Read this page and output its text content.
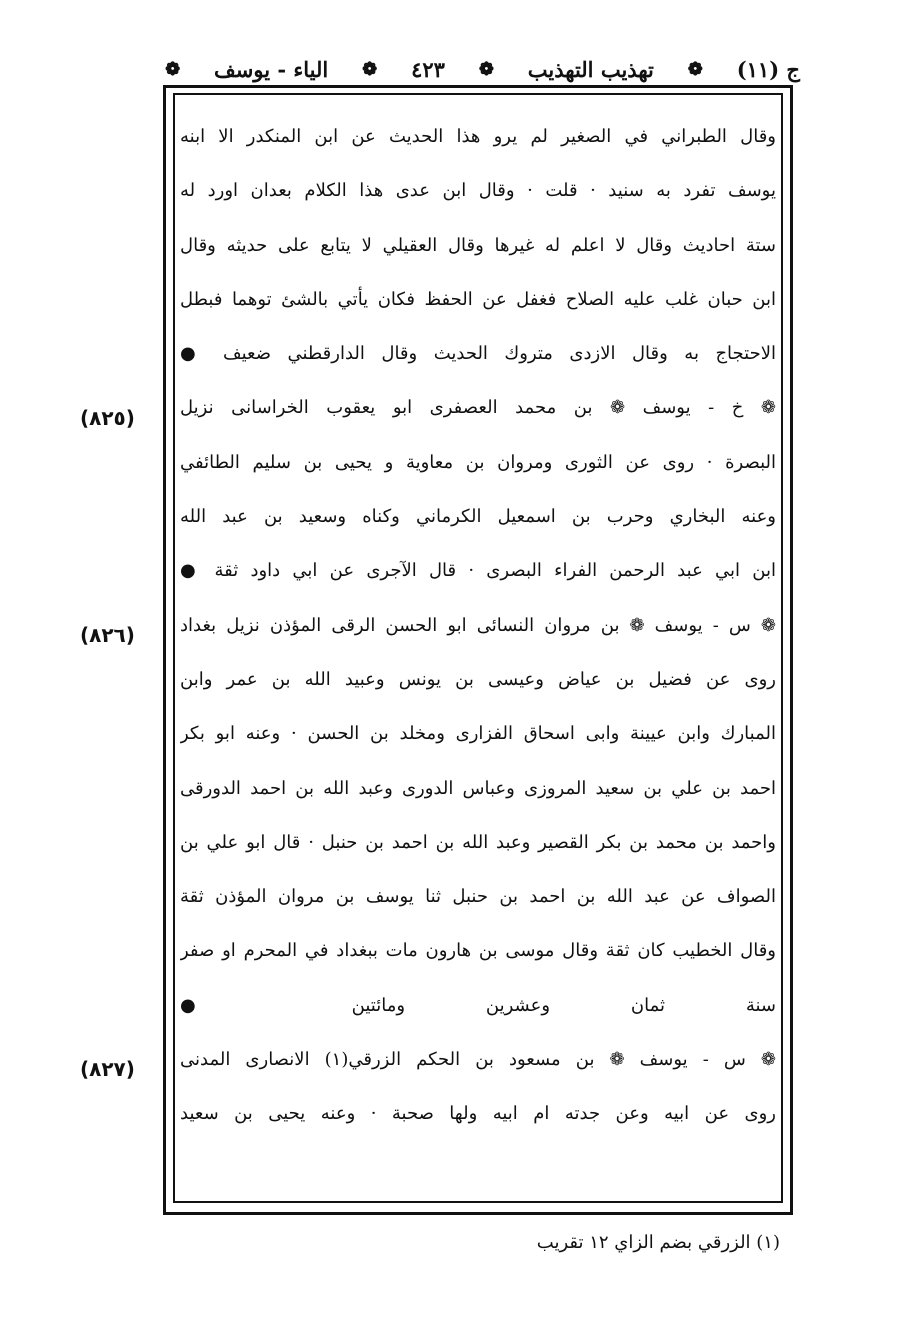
ج (١١)
❁
تهذيب التهذيب
❁
٤٢٣
❁
الياء - يوسف
❁
وقال الطبراني في الصغير لم يرو هذا الحديث عن ابن المنكدر الا ابنه
يوسف تفرد به سنيد · قلت · وقال ابن عدى هذا الكلام بعدان اورد له
ستة احاديث وقال لا اعلم له غيرها وقال العقيلي لا يتابع على حديثه وقال
ابن حبان غلب عليه الصلاح فغفل عن الحفظ فكان يأتي بالشئ توهما فبطل
الاحتجاج به وقال الازدى متروك الحديث وقال الدارقطني ضعيف ●
❁ خ - يوسف ❁ بن محمد العصفرى ابو يعقوب الخراسانى نزيل
البصرة · روى عن الثورى ومروان بن معاوية و يحيى بن سليم الطائفي
وعنه البخاري وحرب بن اسمعيل الكرماني وكناه وسعيد بن عبد الله
ابن ابي عبد الرحمن الفراء البصرى · قال الآجرى عن ابي داود ثقة ●
❁ س - يوسف ❁ بن مروان النسائى ابو الحسن الرقى المؤذن نزيل بغداد
روى عن فضيل بن عياض وعيسى بن يونس وعبيد الله بن عمر وابن
المبارك وابن عيينة وابى اسحاق الفزارى ومخلد بن الحسن · وعنه ابو بكر
احمد بن علي بن سعيد المروزى وعباس الدورى وعبد الله بن احمد الدورقى
واحمد بن محمد بن بكر القصير وعبد الله بن احمد بن حنبل · قال ابو علي بن
الصواف عن عبد الله بن احمد بن حنبل ثنا يوسف بن مروان المؤذن ثقة
وقال الخطيب كان ثقة وقال موسى بن هارون مات ببغداد في المحرم او صفر
سنة ثمان وعشرين ومائتين ●
❁ س - يوسف ❁ بن مسعود بن الحكم الزرقي(١) الانصارى المدنى
روى عن ابيه وعن جدته ام ابيه ولها صحبة · وعنه يحيى بن سعيد
(٨٢٥)
(٨٢٦)
(٨٢٧)
(١) الزرقي بضم الزاي ١٢ تقريب
